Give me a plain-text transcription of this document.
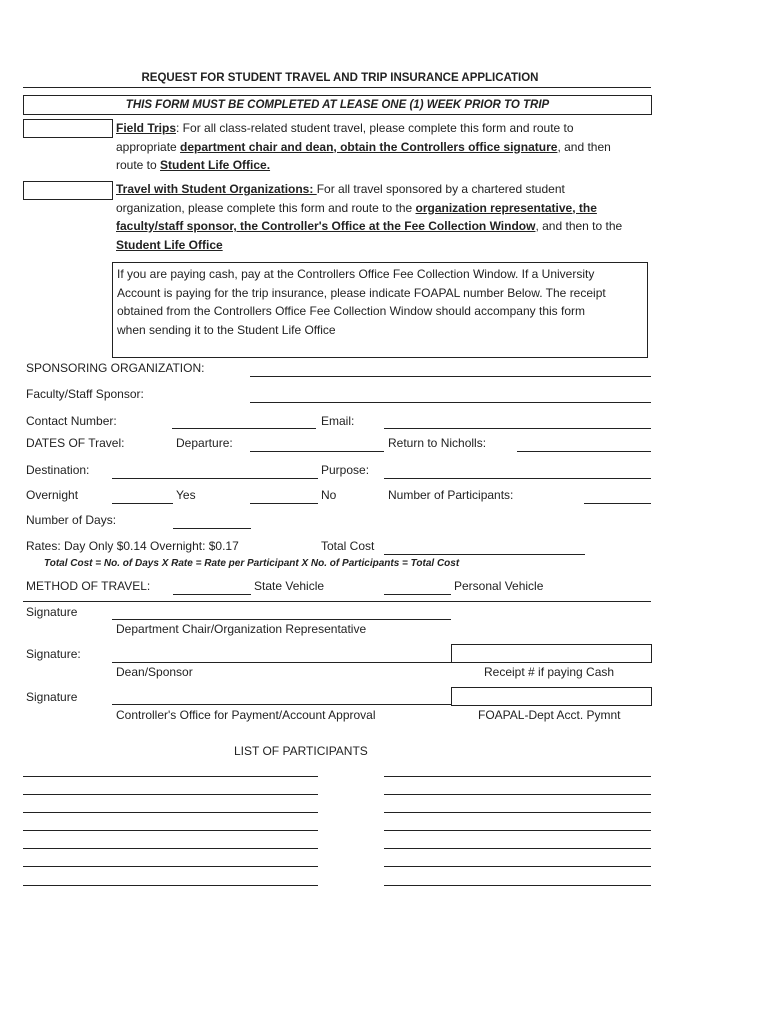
REQUEST FOR STUDENT TRAVEL AND TRIP INSURANCE APPLICATION
THIS FORM MUST BE COMPLETED AT LEASE ONE (1) WEEK PRIOR TO TRIP
Field Trips: For all class-related student travel, please complete this form and route to
appropriate department chair and dean, obtain the Controllers office signature, and then
route to Student Life Office.
Travel with Student Organizations: For all travel sponsored by a chartered student
organization, please complete this form and route to the organization representative, the
faculty/staff sponsor, the Controller's Office at the Fee Collection Window, and then to the
Student Life Office
If you are paying cash, pay at the Controllers Office Fee Collection Window. If a University
Account is paying for the trip insurance, please indicate FOAPAL number Below. The receipt
obtained from the Controllers Office Fee Collection Window should accompany this form
when sending it to the Student Life Office
SPONSORING ORGANIZATION:
Faculty/Staff Sponsor:
Contact Number:	Email:
DATES OF Travel:	Departure:	Return to Nicholls:
Destination:	Purpose:
Overnight	Yes	No	Number of Participants:
Number of Days:
Rates: Day Only $0.14 Overnight: $0.17	Total Cost
Total Cost = No. of Days X Rate = Rate per Participant X No. of Participants = Total Cost
METHOD OF TRAVEL:	State Vehicle	Personal Vehicle
Signature
Department Chair/Organization Representative
Signature:
Dean/Sponsor	Receipt # if paying Cash
Signature
Controller's Office for Payment/Account Approval	FOAPAL-Dept Acct. Pymnt
LIST OF PARTICIPANTS
